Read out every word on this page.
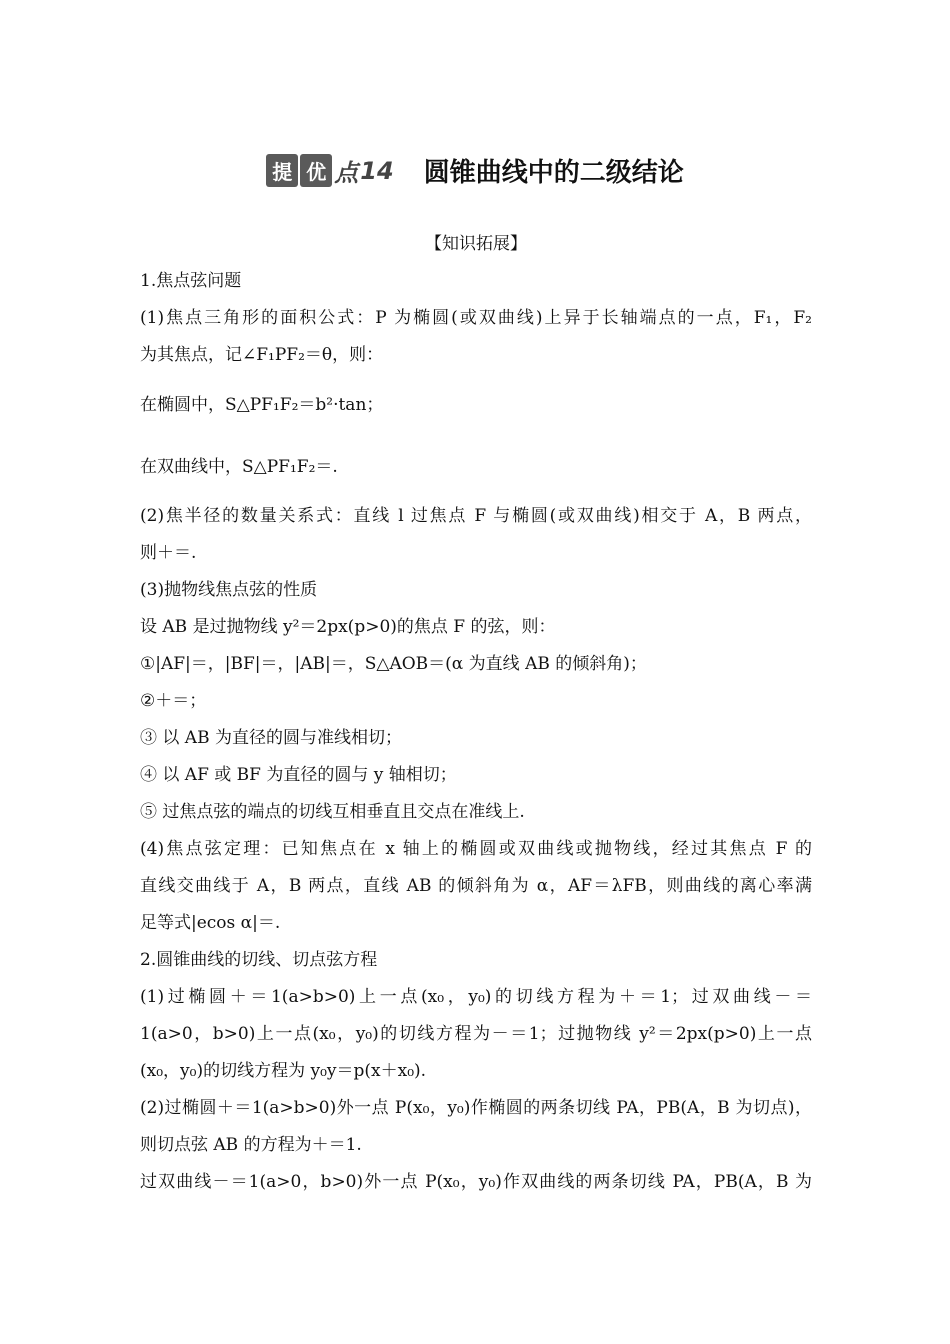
提 优 点 14 圆锥曲线中的二级结论
【知识拓展】
1.焦点弦问题
(1)焦点三角形的面积公式：P 为椭圆(或双曲线)上异于长轴端点的一点，F₁，F₂
为其焦点，记∠F₁PF₂＝θ，则：
在椭圆中，S△PF₁F₂＝b²·tan；
在双曲线中，S△PF₁F₂＝.
(2)焦半径的数量关系式：直线 l 过焦点 F 与椭圆(或双曲线)相交于 A，B 两点，
则＋＝.
(3)抛物线焦点弦的性质
设 AB 是过抛物线 y²＝2px(p>0)的焦点 F 的弦，则：
①|AF|＝，|BF|＝，|AB|＝，S△AOB＝(α 为直线 AB 的倾斜角)；
②＋＝；
③ 以 AB 为直径的圆与准线相切；
④ 以 AF 或 BF 为直径的圆与 y 轴相切；
⑤ 过焦点弦的端点的切线互相垂直且交点在准线上.
(4)焦点弦定理：已知焦点在 x 轴上的椭圆或双曲线或抛物线，经过其焦点 F 的
直线交曲线于 A，B 两点，直线 AB 的倾斜角为 α，AF＝λFB，则曲线的离心率满
足等式|ecos α|＝.
2.圆锥曲线的切线、切点弦方程
(1)过椭圆＋＝1(a>b>0)上一点(x₀，y₀)的切线方程为＋＝1；过双曲线－＝
1(a>0，b>0)上一点(x₀，y₀)的切线方程为－＝1；过抛物线 y²＝2px(p>0)上一点
(x₀，y₀)的切线方程为 y₀y＝p(x＋x₀).
(2)过椭圆＋＝1(a>b>0)外一点 P(x₀，y₀)作椭圆的两条切线 PA，PB(A，B 为切点)，
则切点弦 AB 的方程为＋＝1.
过双曲线－＝1(a>0，b>0)外一点 P(x₀，y₀)作双曲线的两条切线 PA，PB(A，B 为
